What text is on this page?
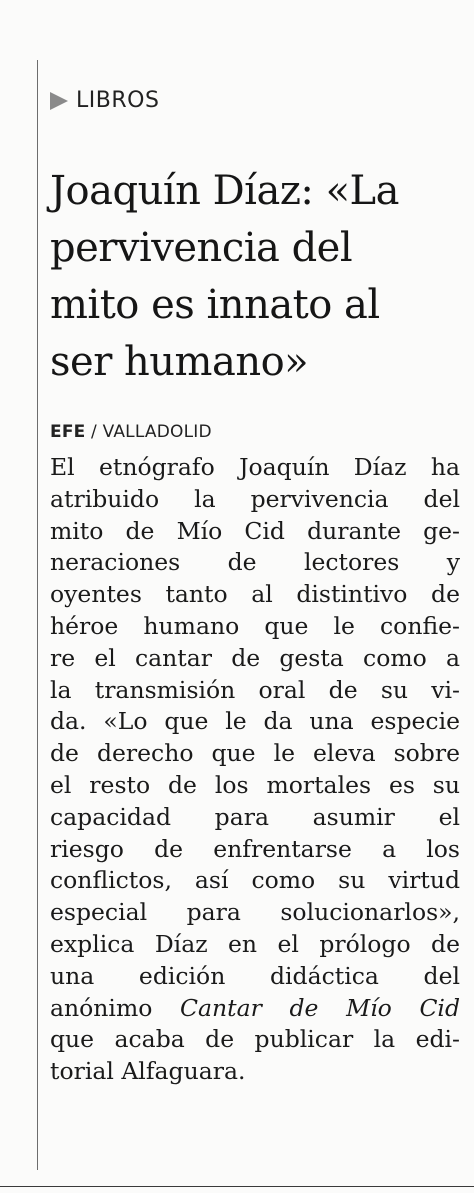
LIBROS
Joaquín Díaz: «La
pervivencia del
mito es innato al
ser humano»
EFE / VALLADOLID
El etnógrafo Joaquín Díaz ha
atribuido la pervivencia del
mito de Mío Cid durante ge-
neraciones de lectores y
oyentes tanto al distintivo de
héroe humano que le confie-
re el cantar de gesta como a
la transmisión oral de su vi-
da. «Lo que le da una especie
de derecho que le eleva sobre
el resto de los mortales es su
capacidad para asumir el
riesgo de enfrentarse a los
conflictos, así como su virtud
especial para solucionarlos»,
explica Díaz en el prólogo de
una edición didáctica del
anónimo Cantar de Mío Cid
que acaba de publicar la edi-
torial Alfaguara.
